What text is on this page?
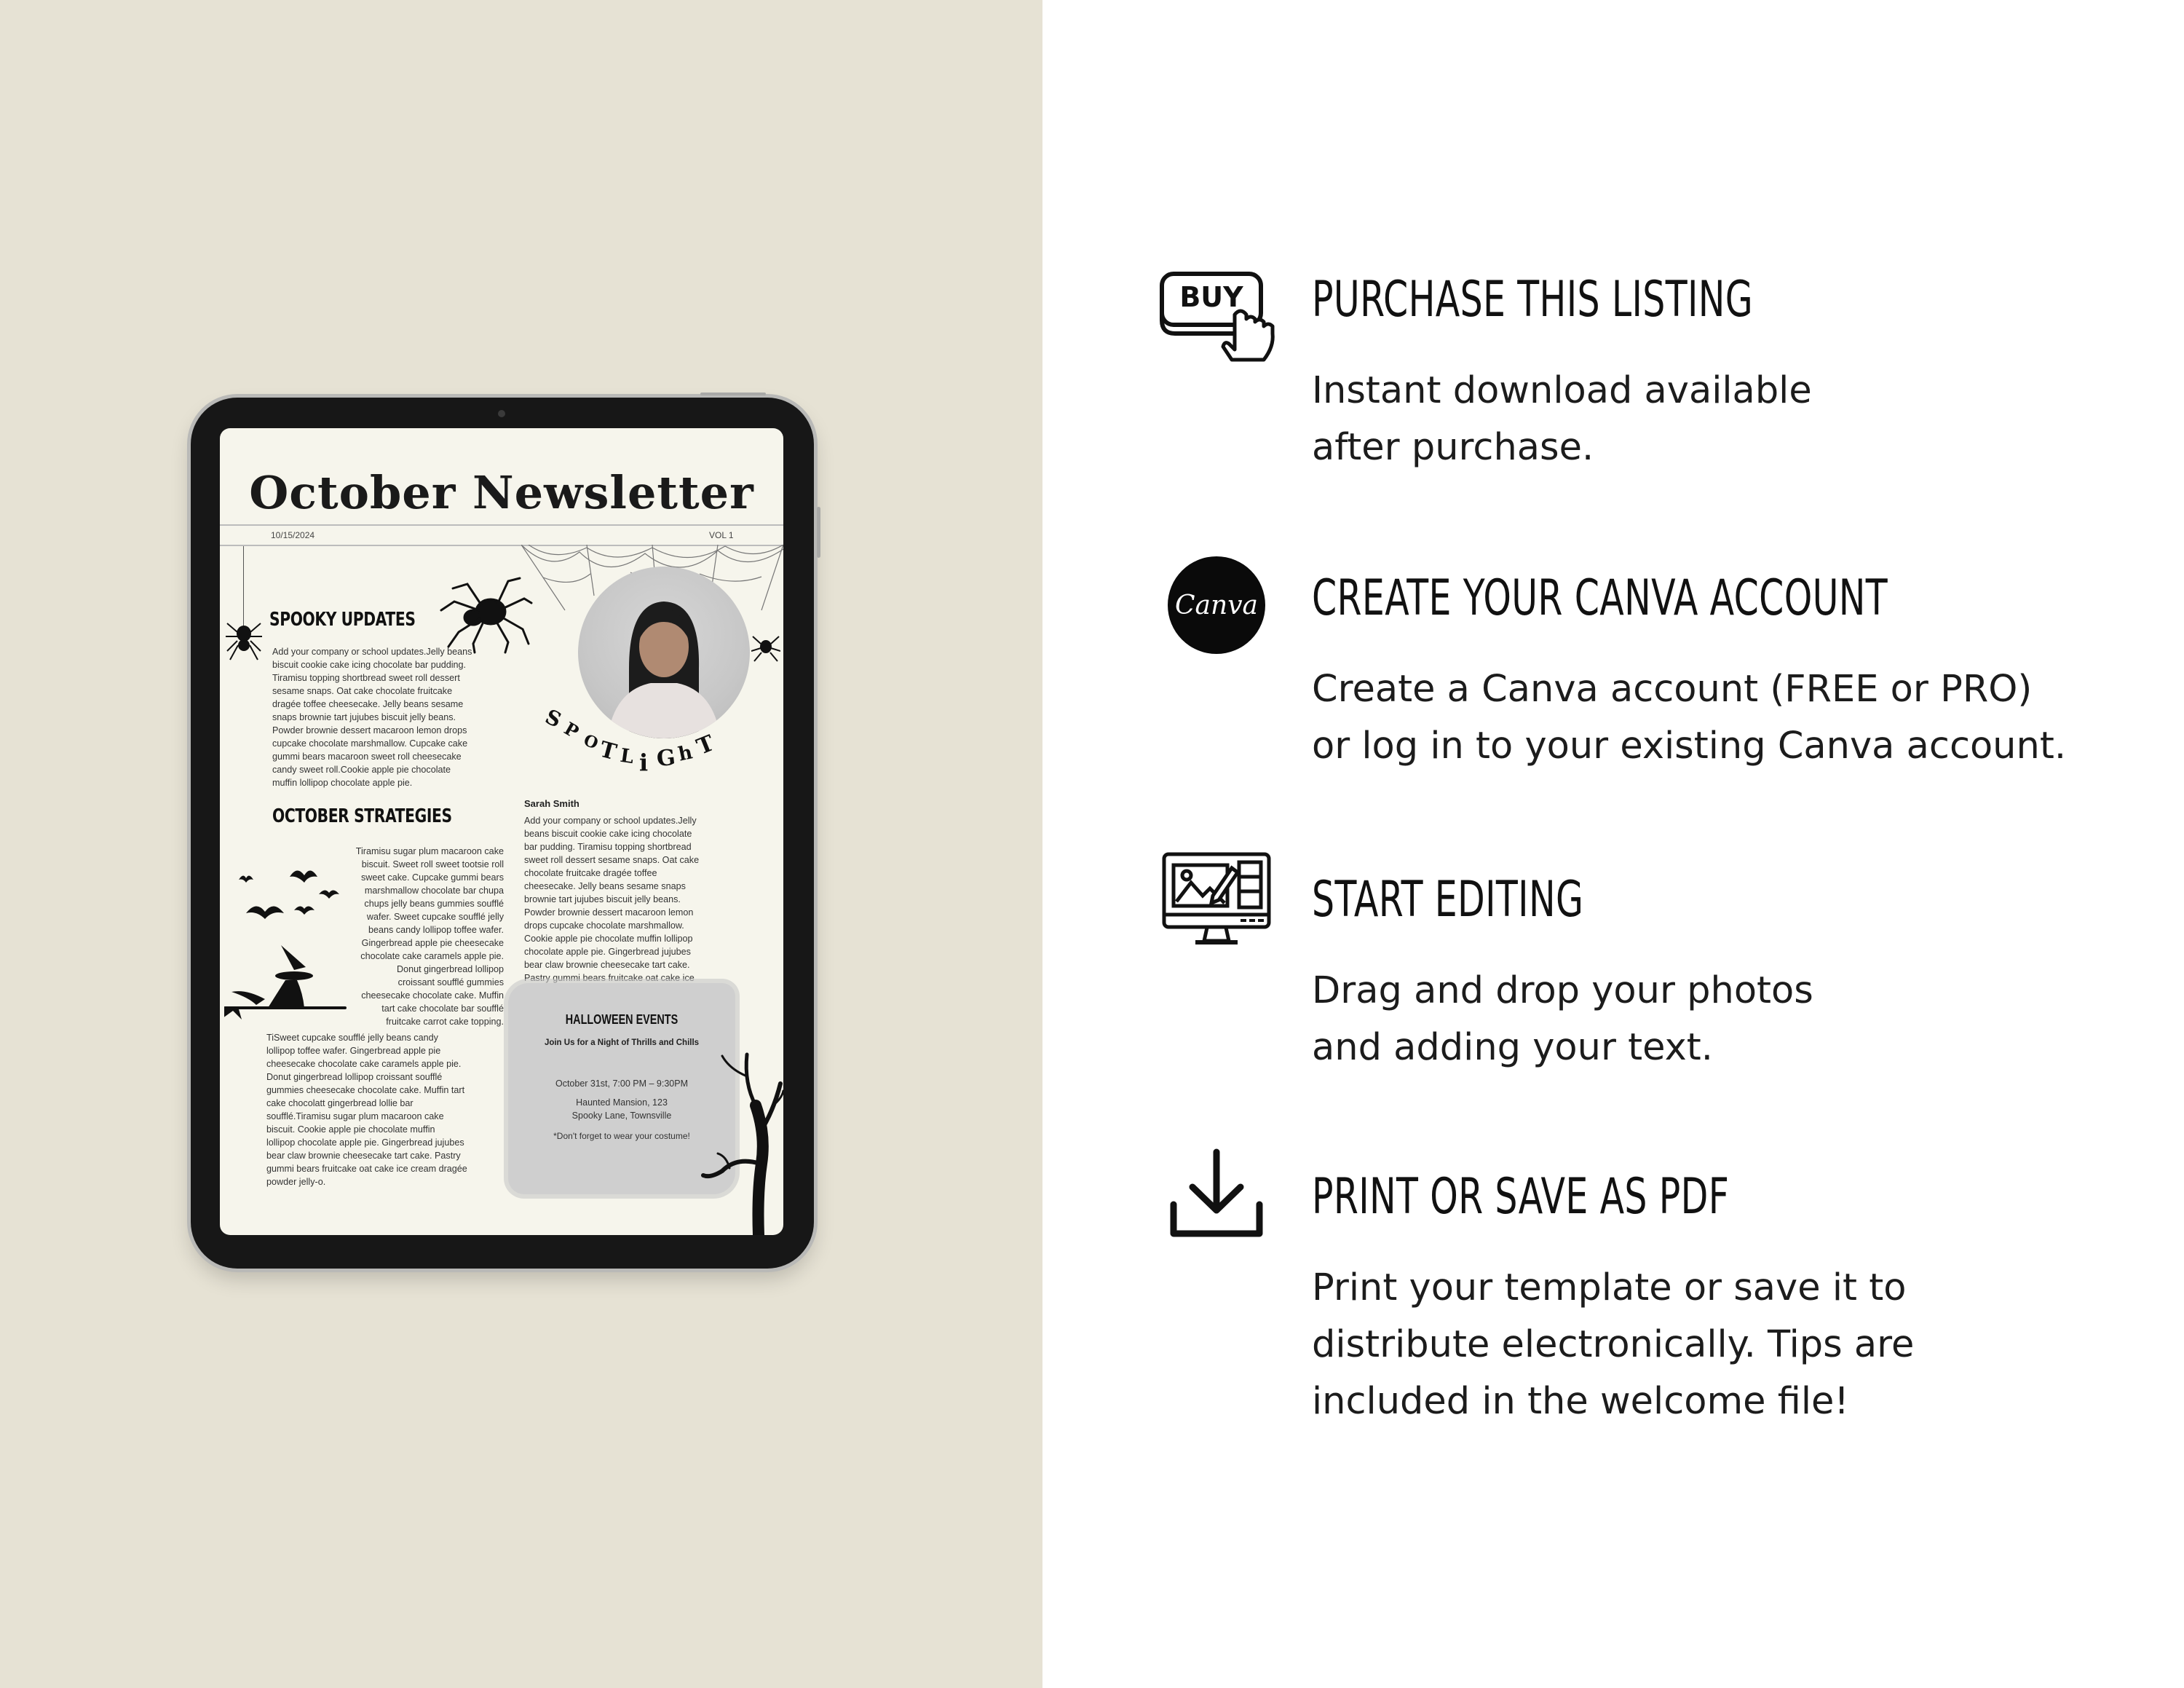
October Newsletter
10/15/2024	VOL 1
SPOOKY UPDATES
Add your company or school updates.Jelly beans
biscuit cookie cake icing chocolate bar pudding.
Tiramisu topping shortbread sweet roll dessert
sesame snaps. Oat cake chocolate fruitcake
dragée toffee cheesecake. Jelly beans sesame
snaps brownie tart jujubes biscuit jelly beans.
Powder brownie dessert macaroon lemon drops
cupcake chocolate marshmallow. Cupcake cake
gummi bears macaroon sweet roll cheesecake
candy sweet roll.Cookie apple pie chocolate
muffin lollipop chocolate apple pie.
S
P
O
T L i G h
T
Sarah Smith
Add your company or school updates.Jelly
beans biscuit cookie cake icing chocolate
bar pudding. Tiramisu topping shortbread
sweet roll dessert sesame snaps. Oat cake
chocolate fruitcake dragée toffee
cheesecake. Jelly beans sesame snaps
brownie tart jujubes biscuit jelly beans.
Powder brownie dessert macaroon lemon
drops cupcake chocolate marshmallow.
Cookie apple pie chocolate muffin lollipop
chocolate apple pie. Gingerbread jujubes
bear claw brownie cheesecake tart cake.
Pastry gummi bears fruitcake oat cake ice
OCTOBER STRATEGIES
Tiramisu sugar plum macaroon cake
biscuit. Sweet roll sweet tootsie roll
sweet cake. Cupcake gummi bears
marshmallow chocolate bar chupa
chups jelly beans gummies soufflé
wafer. Sweet cupcake soufflé jelly
beans candy lollipop toffee wafer.
Gingerbread apple pie cheesecake
chocolate cake caramels apple pie.
Donut gingerbread lollipop
croissant soufflé gummies
cheesecake chocolate cake. Muffin
tart cake chocolate bar soufflé
fruitcake carrot cake topping.
TiSweet cupcake soufflé jelly beans candy
lollipop toffee wafer. Gingerbread apple pie
cheesecake chocolate cake caramels apple pie.
Donut gingerbread lollipop croissant soufflé
gummies cheesecake chocolate cake. Muffin tart
cake chocolatt gingerbread lollie bar
soufflé.Tiramisu sugar plum macaroon cake
biscuit. Cookie apple pie chocolate muffin
lollipop chocolate apple pie. Gingerbread jujubes
bear claw brownie cheesecake tart cake. Pastry
gummi bears fruitcake oat cake ice cream dragée
powder jelly-o.
HALLOWEEN EVENTS
Join Us for a Night of Thrills and Chills
October 31st, 7:00 PM – 9:30PM
Haunted Mansion, 123
Spooky Lane, Townsville
*Don't forget to wear your costume!
BUY PURCHASE THIS LISTING
Instant download available
after purchase.
Canva CREATE YOUR CANVA ACCOUNT
Create a Canva account (FREE or PRO)
or log in to your existing Canva account.
START EDITING
Drag and drop your photos
and adding your text.
PRINT OR SAVE AS PDF
Print your template or save it to
distribute electronically. Tips are
included in the welcome file!
